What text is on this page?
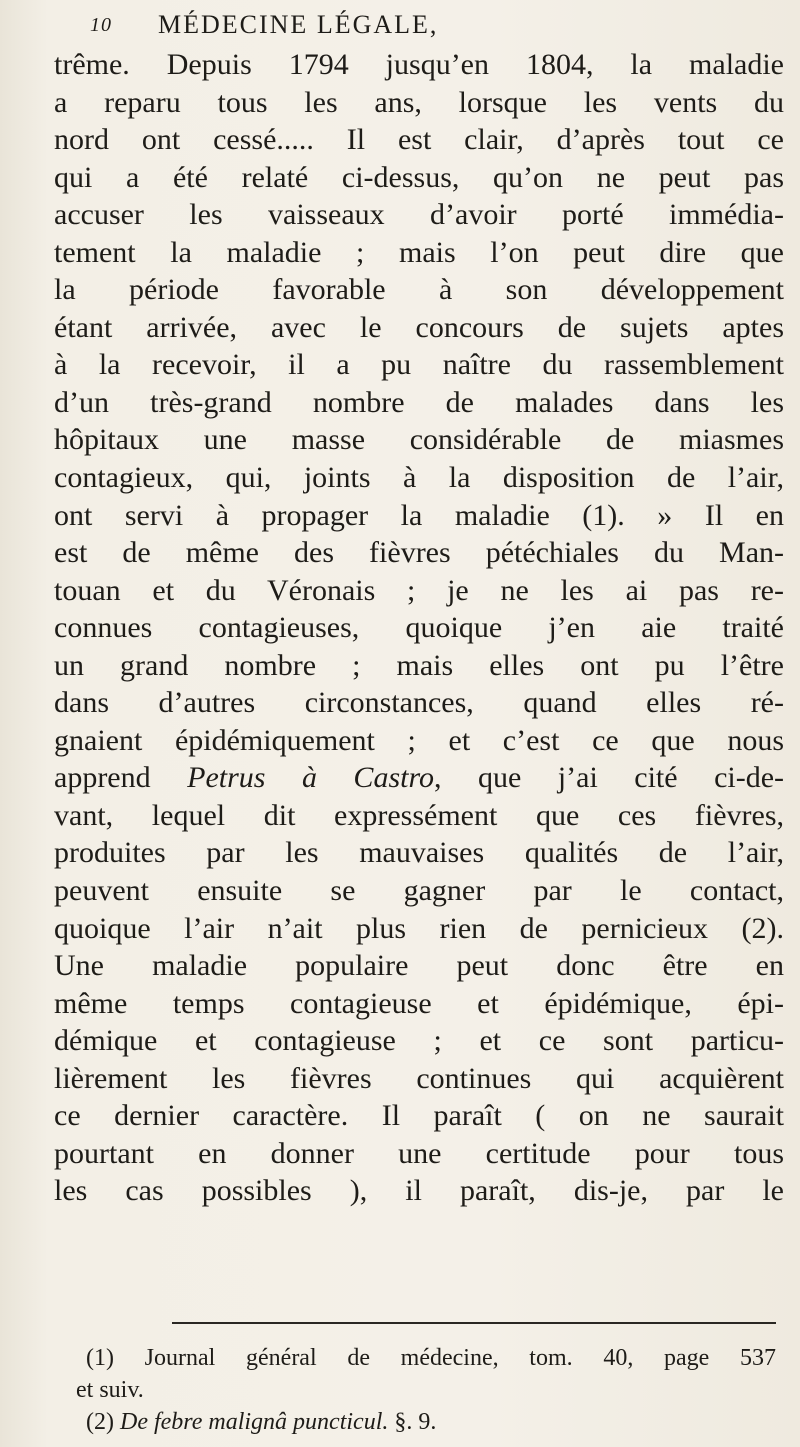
10 MÉDECINE LÉGALE,
trême. Depuis 1794 jusqu’en 1804, la maladie
a reparu tous les ans, lorsque les vents du
nord ont cessé..... Il est clair, d’après tout ce
qui a été relaté ci-dessus, qu’on ne peut pas
accuser les vaisseaux d’avoir porté immédia-
tement la maladie ; mais l’on peut dire que
la période favorable à son développement
étant arrivée, avec le concours de sujets aptes
à la recevoir, il a pu naître du rassemblement
d’un très-grand nombre de malades dans les
hôpitaux une masse considérable de miasmes
contagieux, qui, joints à la disposition de l’air,
ont servi à propager la maladie (1). » Il en
est de même des fièvres pétéchiales du Man-
touan et du Véronais ; je ne les ai pas re-
connues contagieuses, quoique j’en aie traité
un grand nombre ; mais elles ont pu l’être
dans d’autres circonstances, quand elles ré-
gnaient épidémiquement ; et c’est ce que nous
apprend Petrus à Castro, que j’ai cité ci-de-
vant, lequel dit expressément que ces fièvres,
produites par les mauvaises qualités de l’air,
peuvent ensuite se gagner par le contact,
quoique l’air n’ait plus rien de pernicieux (2).
Une maladie populaire peut donc être en
même temps contagieuse et épidémique, épi-
démique et contagieuse ; et ce sont particu-
lièrement les fièvres continues qui acquièrent
ce dernier caractère. Il paraît ( on ne saurait
pourtant en donner une certitude pour tous
les cas possibles ), il paraît, dis-je, par le
(1) Journal général de médecine, tom. 40, page 537
et suiv.
(2) De febre malignâ puncticul. §. 9.
